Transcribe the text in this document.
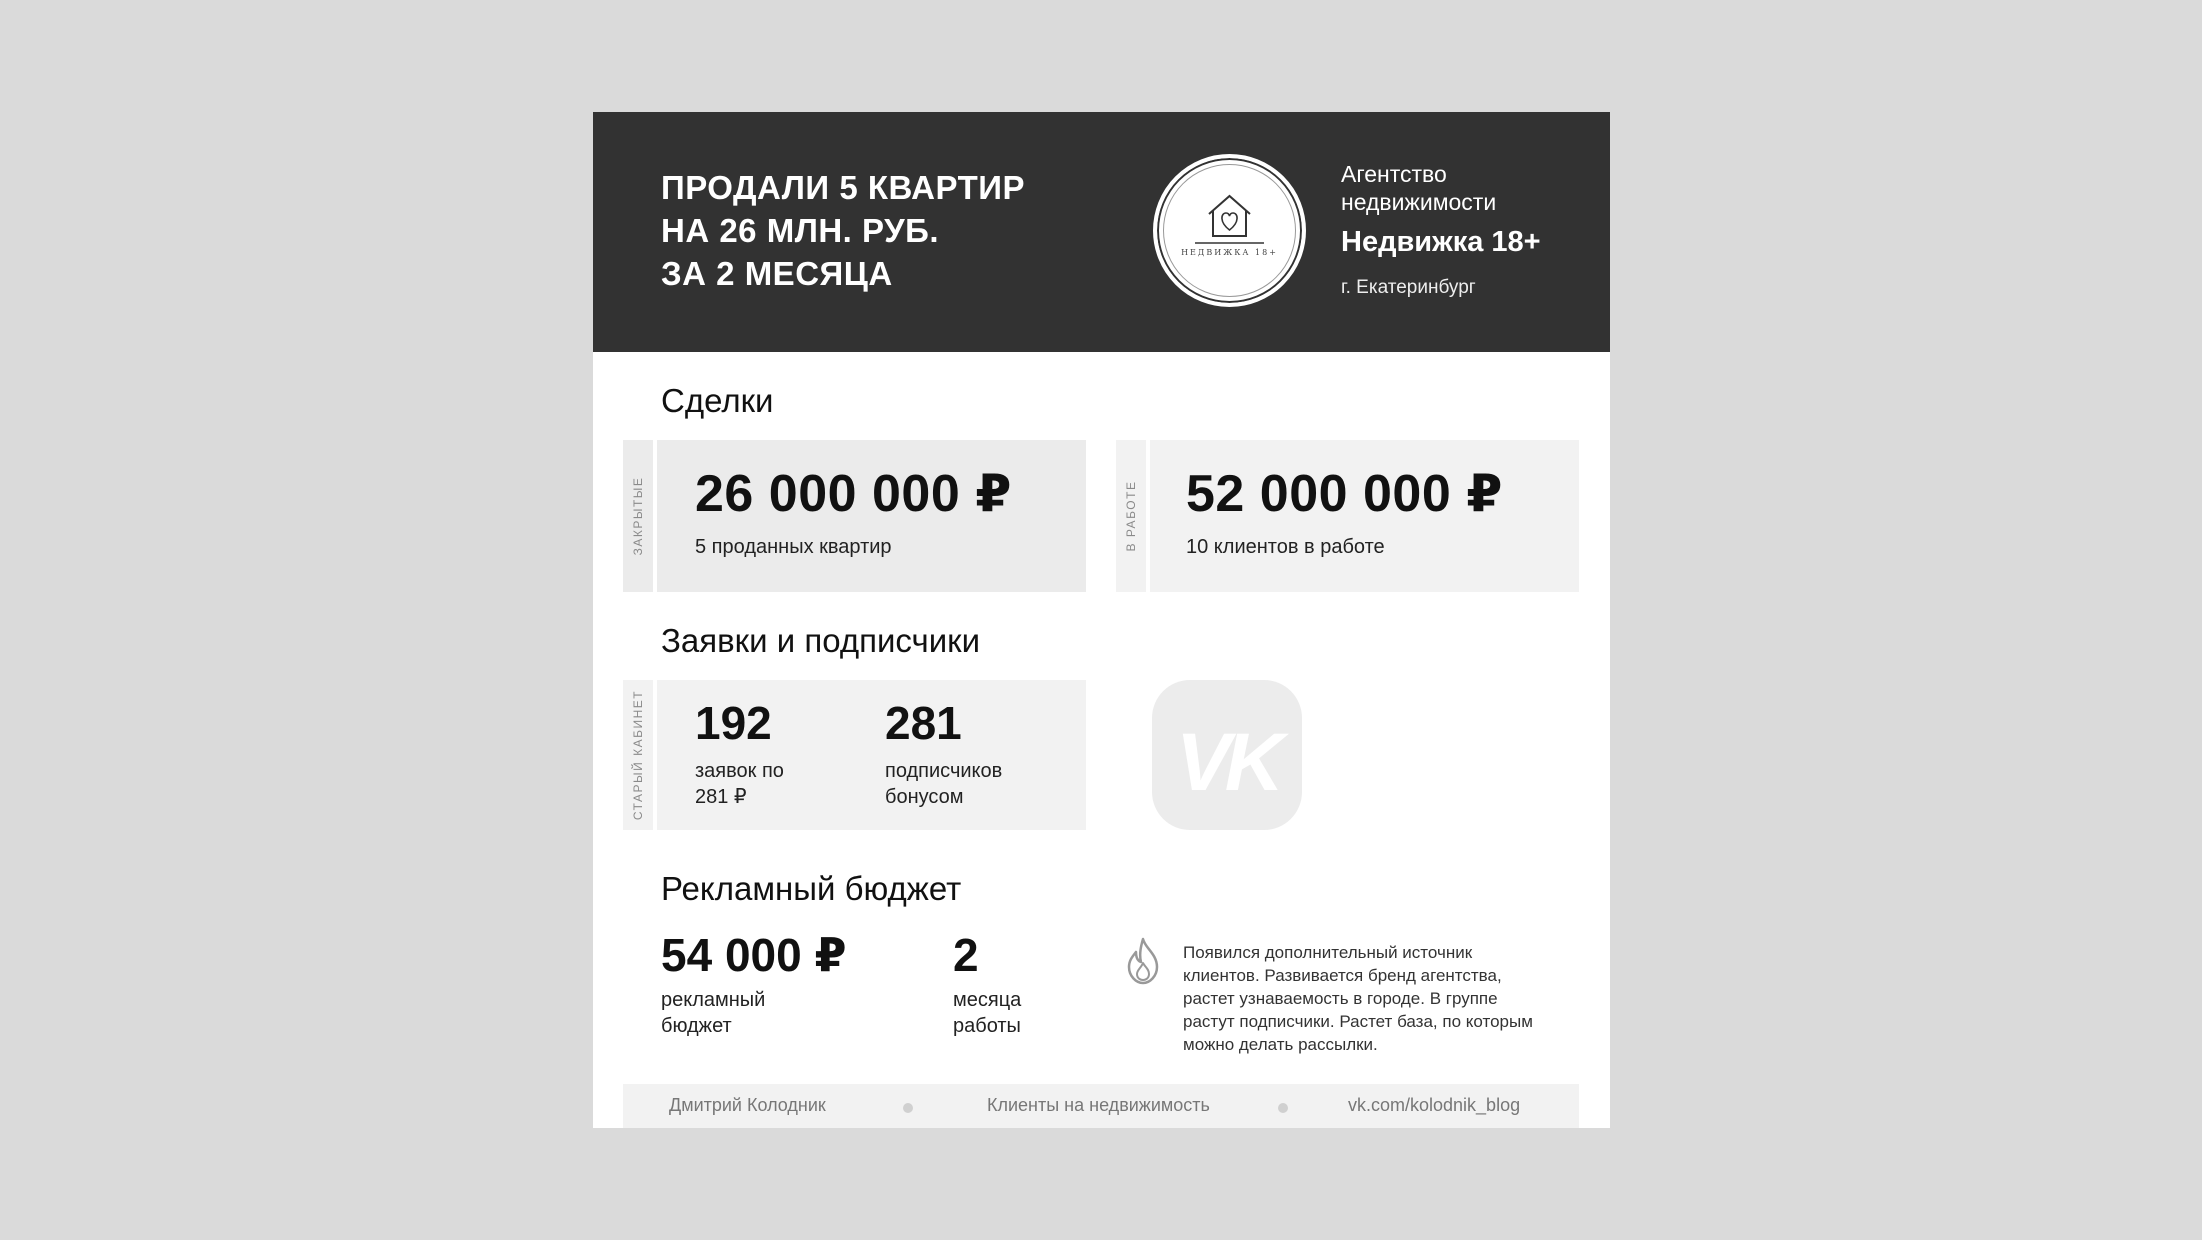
ПРОДАЛИ 5 КВАРТИР
НА 26 МЛН. РУБ.
ЗА 2 МЕСЯЦА
НЕДВИЖКА 18+
Агентство недвижимости
Недвижка 18+
г. Екатеринбург
Сделки
ЗАКРЫТЫЕ 26 000 000 ₽
5 проданных квартир	В РАБОТЕ 52 000 000 ₽
10 клиентов в работе
Заявки и подписчики
СТАРЫЙ КАБИНЕТ 192
заявок по
281 ₽
281
подписчиков
бонусом	VK
Рекламный бюджет
54 000 ₽
рекламный
бюджет
2
месяца
работы
Появился дополнительный источник клиентов. Развивается бренд агентства, растет узнаваемость в городе. В группе растут подписчики. Растет база, по которым можно делать рассылки.
Дмитрий Колодник	Клиенты на недвижимость	vk.com/kolodnik_blog
